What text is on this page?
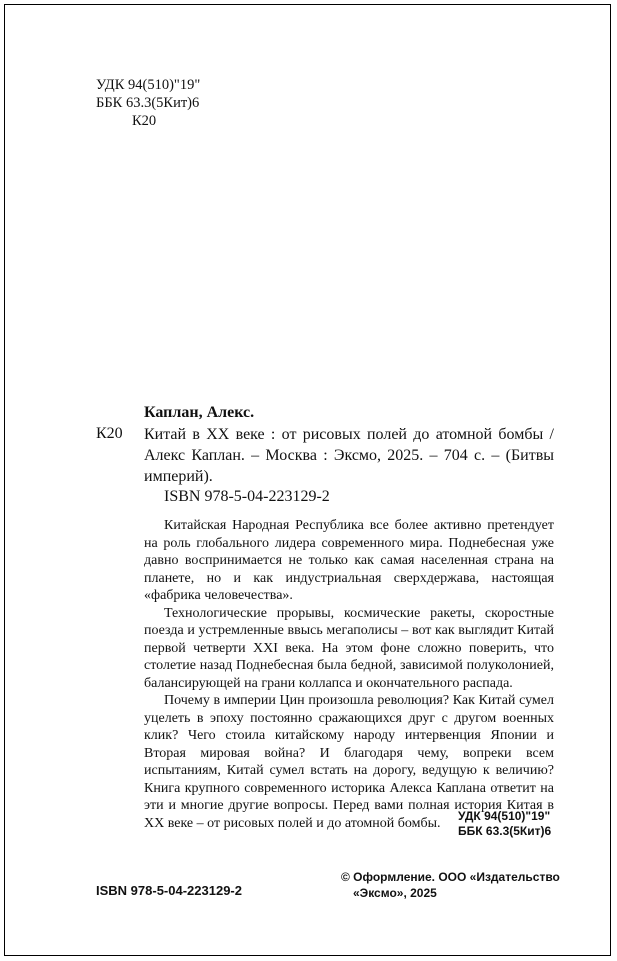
УДК 94(510)"19"
ББК 63.3(5Кит)6
К20
Каплан, Алекс.
К20 Китай в XX веке : от рисовых полей до атомной бомбы / Алекс Каплан. – Москва : Эксмо, 2025. – 704 с. – (Битвы империй).
ISBN 978-5-04-223129-2

Китайская Народная Республика все более активно претендует на роль глобального лидера современного мира. Поднебесная уже давно воспринимается не только как самая населенная страна на планете, но и как индустриальная сверхдержава, настоящая «фабрика человечества».

Технологические прорывы, космические ракеты, скоростные поезда и устремленные ввысь мегаполисы – вот как выглядит Китай первой четверти XXI века. На этом фоне сложно поверить, что столетие назад Поднебесная была бедной, зависимой полуколонией, балансирующей на грани коллапса и окончательного распада.

Почему в империи Цин произошла революция? Как Китай сумел уцелеть в эпоху постоянно сражающихся друг с другом военных клик? Чего стоила китайскому народу интервенция Японии и Вторая мировая война? И благодаря чему, вопреки всем испытаниям, Китай сумел встать на дорогу, ведущую к величию? Книга крупного современного историка Алекса Каплана ответит на эти и многие другие вопросы. Перед вами полная история Китая в XX веке – от рисовых полей и до атомной бомбы.	УДК 94(510)"19"
ББК 63.3(5Кит)6
ISBN 978-5-04-223129-2
© Оформление. ООО «Издательство
«Эксмо», 2025
